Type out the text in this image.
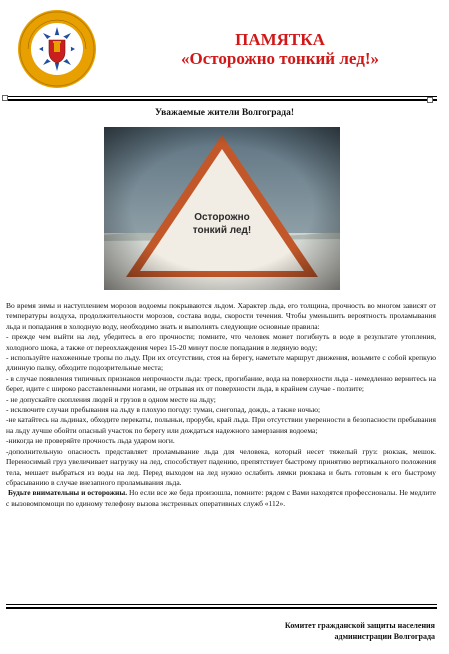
ПАМЯТКА
«Осторожно тонкий лед!»
Уважаемые жители Волгограда!
Осторожно
тонкий лед!

Во время зимы и наступлением морозов водоемы покрываются льдом. Характер льда, его толщина, прочность во многом зависят от температуры воздуха, продолжительности морозов, состава воды, скорости течения. Чтобы уменьшить вероятность проламывания льда и попадания в холодную воду, необходимо знать и выполнять следующие основные правила:

- прежде чем выйти на лед, убедитесь в его прочности; помните, что человек может погибнуть в воде в результате утопления, холодного шока, а также от переохлаждения через 15-20 минут после попадания в ледяную воду;

- используйте нахоженные тропы по льду. При их отсутствии, стоя на берегу, наметьте маршрут движения, возьмите с собой крепкую длинную палку, обходите подозрительные места;

- в случае появления типичных признаков непрочности льда: треск, прогибание, вода на поверхности льда - немедленно вернитесь на берег, идите с широко расставленными ногами, не отрывая их от поверхности льда, в крайнем случае - ползите;

- не допускайте скопления людей и грузов в одном месте на льду;

- исключите случаи пребывания на льду в плохую погоду: туман, снегопад, дождь, а также ночью;

-не катайтесь на льдинах, обходите перекаты, полыньи, проруби, край льда. При отсутствии уверенности в безопасности пребывания на льду лучше обойти опасный участок по берегу или дождаться надежного замерзания водоема;

-никогда не проверяйте прочность льда ударом ноги.

-дополнительную опасность представляет проламывание льда для человека, который несет тяжелый груз: рюкзак, мешок. Переносимый груз увеличивает нагрузку на лед, способствует падению, препятствует быстрому принятию вертикального положения тела, мешает выбраться из воды на лед. Перед выходом на лед нужно ослабить лямки рюкзака и быть готовым к его быстрому сбрасыванию в случае внезапного проламывания льда.

Будьте внимательны и осторожны. Но если все же беда произошла, помните: рядом с Вами находятся профессионалы. Не медлите с вызовомпомощи по единому телефону вызова экстренных оперативных служб «112».

Комитет гражданской защиты населения
администрации Волгограда
